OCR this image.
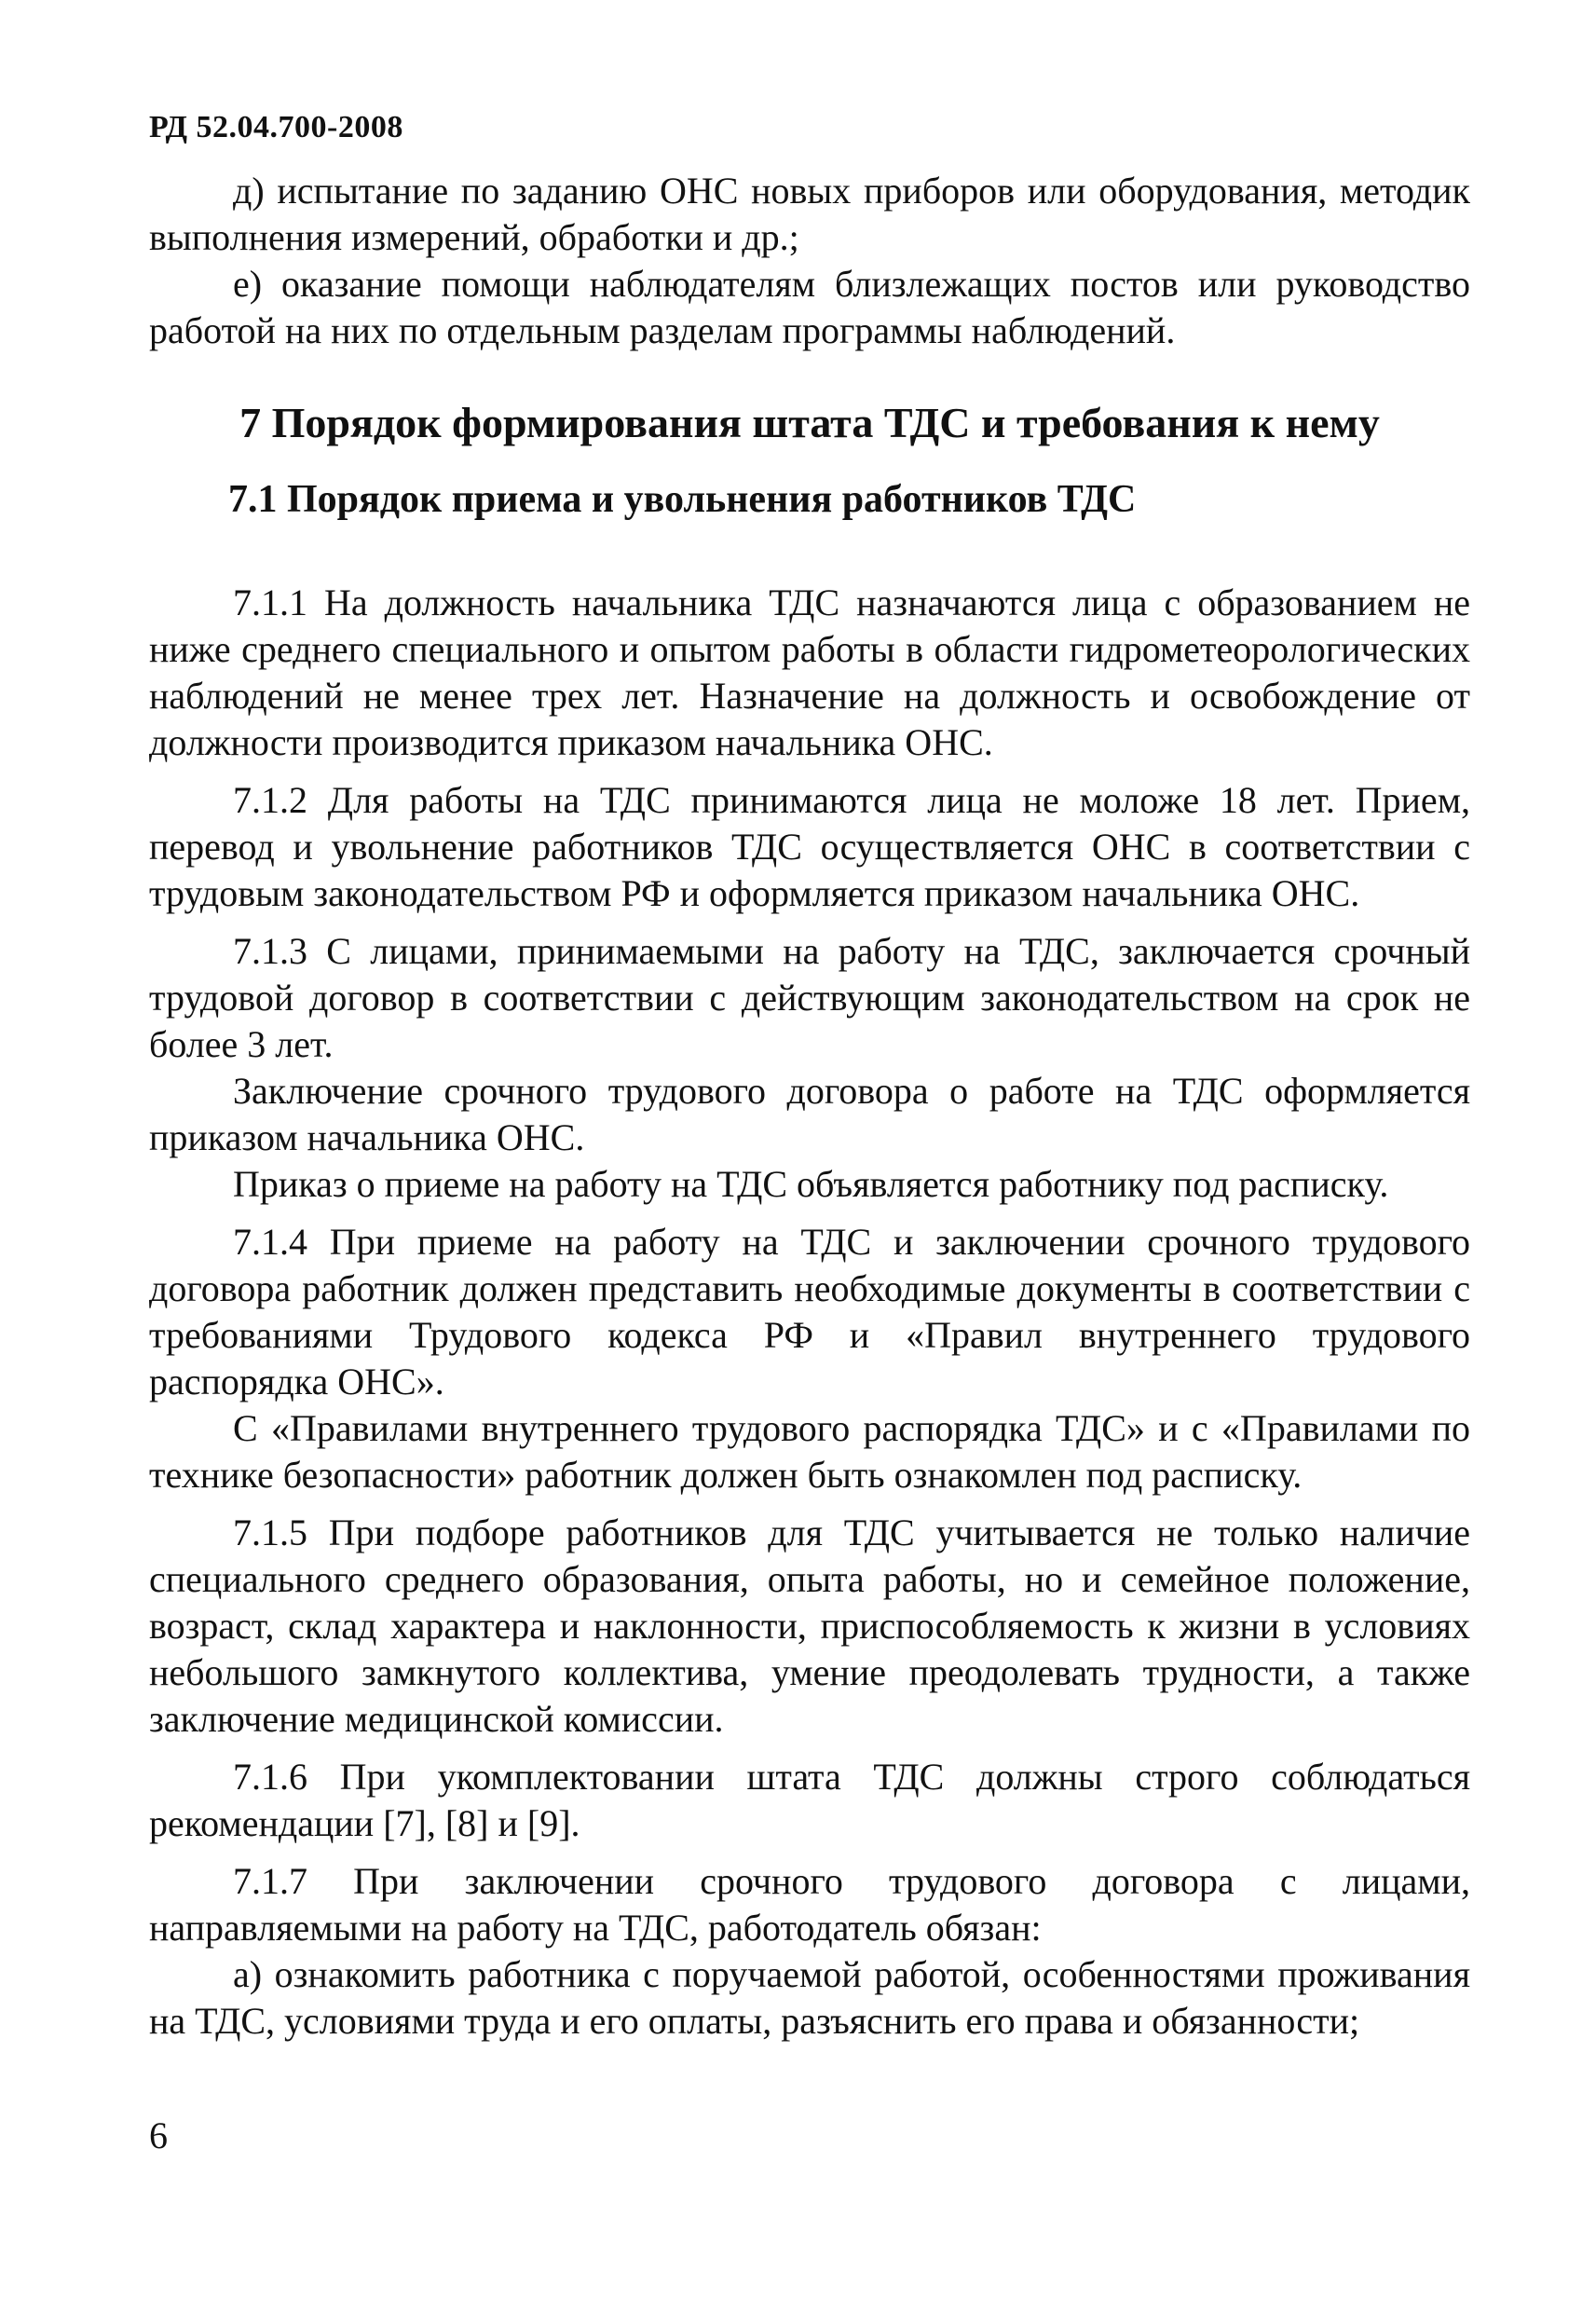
РД 52.04.700-2008

д) испытание по заданию ОНС новых приборов или оборудования, методик выполнения измерений, обработки и др.;

е) оказание помощи наблюдателям близлежащих постов или руководство работой на них по отдельным разделам программы наблюдений.

7 Порядок формирования штата ТДС и требования к нему
7.1 Порядок приема и увольнения работников ТДС

7.1.1 На должность начальника ТДС назначаются лица с образованием не ниже среднего специального и опытом работы в области гидрометеорологических наблюдений не менее трех лет. Назначение на должность и освобождение от должности производится приказом начальника ОНС.

7.1.2 Для работы на ТДС принимаются лица не моложе 18 лет. Прием, перевод и увольнение работников ТДС осуществляется ОНС в соответствии с трудовым законодательством РФ и оформляется приказом начальника ОНС.

7.1.3 С лицами, принимаемыми на работу на ТДС, заключается срочный трудовой договор в соответствии с действующим законодательством на срок не более 3 лет.

Заключение срочного трудового договора о работе на ТДС оформляется приказом начальника ОНС.

Приказ о приеме на работу на ТДС объявляется работнику под расписку.

7.1.4 При приеме на работу на ТДС и заключении срочного трудового договора работник должен представить необходимые документы в соответствии с требованиями Трудового кодекса РФ и «Правил внутреннего трудового распорядка ОНС».

С «Правилами внутреннего трудового распорядка ТДС» и с «Правилами по технике безопасности» работник должен быть ознакомлен под расписку.

7.1.5 При подборе работников для ТДС учитывается не только наличие специального среднего образования, опыта работы, но и семейное положение, возраст, склад характера и наклонности, приспособляемость к жизни в условиях небольшого замкнутого коллектива, умение преодолевать трудности, а также заключение медицинской комиссии.

7.1.6 При укомплектовании штата ТДС должны строго соблюдаться рекомендации [7], [8] и [9].

7.1.7 При заключении срочного трудового договора с лицами, направляемыми на работу на ТДС, работодатель обязан:

а) ознакомить работника с поручаемой работой, особенностями проживания на ТДС, условиями труда и его оплаты, разъяснить его права и обязанности;

6
